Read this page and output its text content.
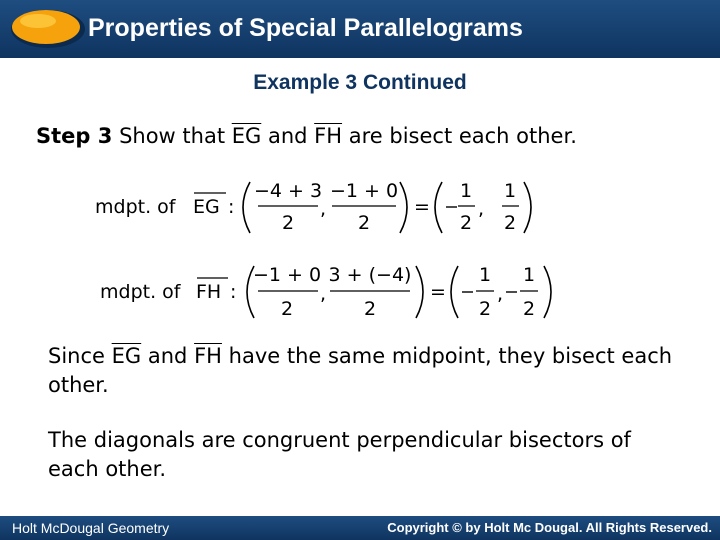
Properties of Special Parallelograms
Example 3 Continued
Step 3 Show that $\overline{EG}$ and $\overline{FH}$ are bisect each other.
mdpt. of EG :
−4 + 3
2
,
−1 + 0
2
=
1
2
,
1
2
mdpt. of FH :
−1 + 0
2
,
3 + (−4)
2
=
1
2
,
1
2
Since $\overline{EG}$ and $\overline{FH}$ have the same midpoint, they bisect each other.
The diagonals are congruent perpendicular bisectors of each other.
Holt McDougal Geometry	Copyright © by Holt Mc Dougal. All Rights Reserved.
